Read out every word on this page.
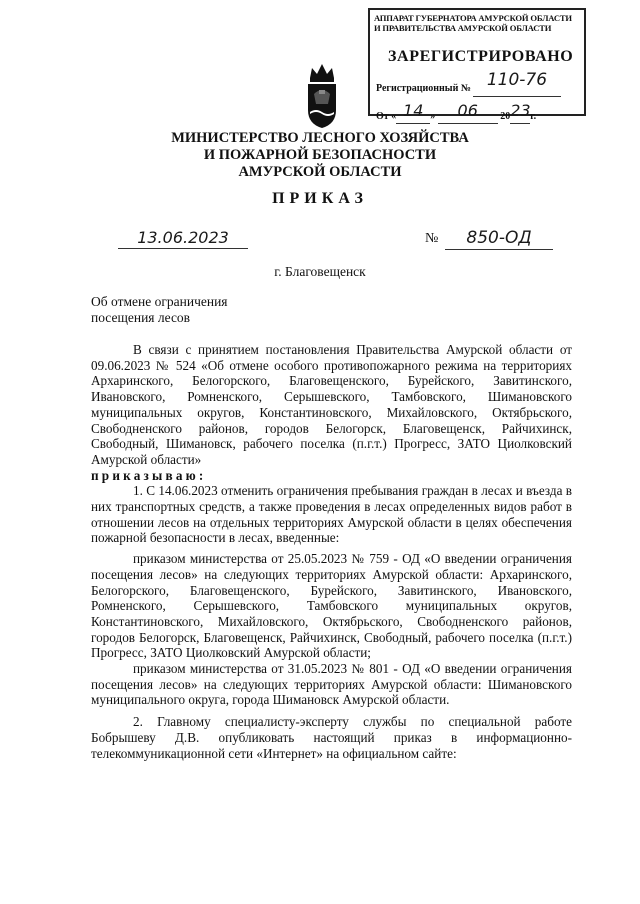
АППАРАТ ГУБЕРНАТОРА АМУРСКОЙ ОБЛАСТИ
И ПРАВИТЕЛЬСТВА АМУРСКОЙ ОБЛАСТИ
ЗАРЕГИСТРИРОВАНО
Регистрационный № 110-76
От « 14 » 06 2023г.
МИНИСТЕРСТВО ЛЕСНОГО ХОЗЯЙСТВА
И ПОЖАРНОЙ БЕЗОПАСНОСТИ
АМУРСКОЙ ОБЛАСТИ
ПРИКАЗ
13.06.2023	№	850-ОД
г. Благовещенск
Об отмене ограничения
посещения лесов

В связи с принятием постановления Правительства Амурской области от 09.06.2023 № 524 «Об отмене особого противопожарного режима на территориях Архаринского, Белогорского, Благовещенского, Бурейского, Завитинского, Ивановского, Ромненского, Серышевского, Тамбовского, Шимановского муниципальных округов, Константиновского, Михайловского, Октябрьского, Свободненского районов, городов Белогорск, Благовещенск, Райчихинск, Свободный, Шимановск, рабочего поселка (п.г.т.) Прогресс, ЗАТО Циолковский Амурской области»

приказываю:

1. С 14.06.2023 отменить ограничения пребывания граждан в лесах и въезда в них транспортных средств, а также проведения в лесах определенных видов работ в отношении лесов на отдельных территориях Амурской области в целях обеспечения пожарной безопасности в лесах, введенные:

приказом министерства от 25.05.2023 № 759 - ОД «О введении ограничения посещения лесов» на следующих территориях Амурской области: Архаринского, Белогорского, Благовещенского, Бурейского, Завитинского, Ивановского, Ромненского, Серышевского, Тамбовского муниципальных округов, Константиновского, Михайловского, Октябрьского, Свободненского районов, городов Белогорск, Благовещенск, Райчихинск, Свободный, рабочего поселка (п.г.т.) Прогресс, ЗАТО Циолковский Амурской области;

приказом министерства от 31.05.2023 № 801 - ОД «О введении ограничения посещения лесов» на следующих территориях Амурской области: Шимановского муниципального округа, города Шимановск Амурской области.

2. Главному специалисту-эксперту службы по специальной работе Бобрышеву Д.В. опубликовать настоящий приказ в информационно-телекоммуникационной сети «Интернет» на официальном сайте:
